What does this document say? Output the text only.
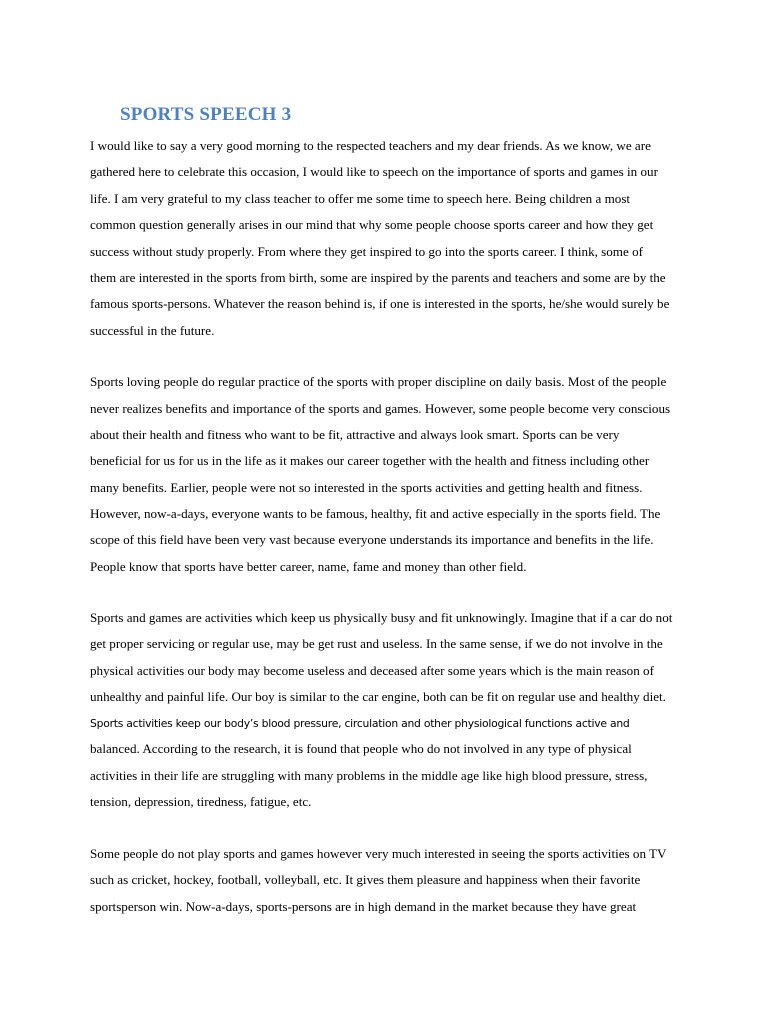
SPORTS SPEECH 3

I would like to say a very good morning to the respected teachers and my dear friends. As we know, we are

gathered here to celebrate this occasion, I would like to speech on the importance of sports and games in our

life. I am very grateful to my class teacher to offer me some time to speech here. Being children a most

common question generally arises in our mind that why some people choose sports career and how they get

success without study properly. From where they get inspired to go into the sports career. I think, some of

them are interested in the sports from birth, some are inspired by the parents and teachers and some are by the

famous sports-persons. Whatever the reason behind is, if one is interested in the sports, he/she would surely be

successful in the future.

Sports loving people do regular practice of the sports with proper discipline on daily basis. Most of the people

never realizes benefits and importance of the sports and games. However, some people become very conscious

about their health and fitness who want to be fit, attractive and always look smart. Sports can be very

beneficial for us for us in the life as it makes our career together with the health and fitness including other

many benefits. Earlier, people were not so interested in the sports activities and getting health and fitness.

However, now-a-days, everyone wants to be famous, healthy, fit and active especially in the sports field. The

scope of this field have been very vast because everyone understands its importance and benefits in the life.

People know that sports have better career, name, fame and money than other field.

Sports and games are activities which keep us physically busy and fit unknowingly. Imagine that if a car do not

get proper servicing or regular use, may be get rust and useless. In the same sense, if we do not involve in the

physical activities our body may become useless and deceased after some years which is the main reason of

unhealthy and painful life. Our boy is similar to the car engine, both can be fit on regular use and healthy diet.

Sports activities keep our body’s blood pressure, circulation and other physiological functions active and

balanced. According to the research, it is found that people who do not involved in any type of physical

activities in their life are struggling with many problems in the middle age like high blood pressure, stress,

tension, depression, tiredness, fatigue, etc.

Some people do not play sports and games however very much interested in seeing the sports activities on TV

such as cricket, hockey, football, volleyball, etc. It gives them pleasure and happiness when their favorite

sportsperson win. Now-a-days, sports-persons are in high demand in the market because they have great
